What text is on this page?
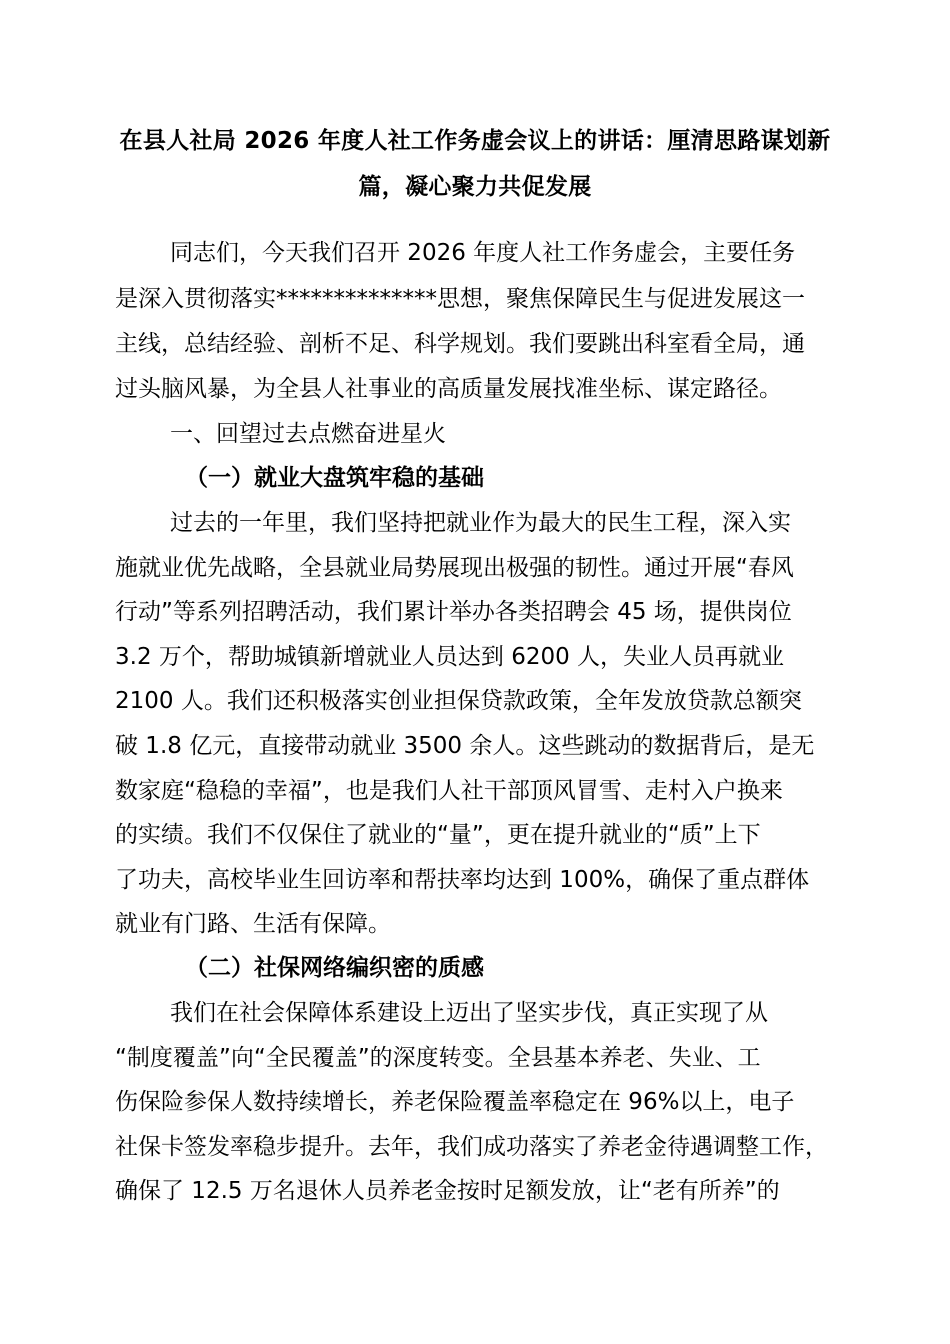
在县人社局 2026 年度人社工作务虚会议上的讲话：厘清思路谋划新
篇，凝心聚力共促发展
同志们，今天我们召开 2026 年度人社工作务虚会，主要任务
是深入贯彻落实**************思想，聚焦保障民生与促进发展这一
主线，总结经验、剖析不足、科学规划。我们要跳出科室看全局，通
过头脑风暴，为全县人社事业的高质量发展找准坐标、谋定路径。
一、回望过去点燃奋进星火
（一）就业大盘筑牢稳的基础
过去的一年里，我们坚持把就业作为最大的民生工程，深入实
施就业优先战略，全县就业局势展现出极强的韧性。通过开展“春风
行动”等系列招聘活动，我们累计举办各类招聘会 45 场，提供岗位
3.2 万个，帮助城镇新增就业人员达到 6200 人，失业人员再就业
2100 人。我们还积极落实创业担保贷款政策，全年发放贷款总额突
破 1.8 亿元，直接带动就业 3500 余人。这些跳动的数据背后，是无
数家庭“稳稳的幸福”，也是我们人社干部顶风冒雪、走村入户换来
的实绩。我们不仅保住了就业的“量”，更在提升就业的“质”上下
了功夫，高校毕业生回访率和帮扶率均达到 100%，确保了重点群体
就业有门路、生活有保障。
（二）社保网络编织密的质感
我们在社会保障体系建设上迈出了坚实步伐，真正实现了从
“制度覆盖”向“全民覆盖”的深度转变。全县基本养老、失业、工
伤保险参保人数持续增长，养老保险覆盖率稳定在 96%以上，电子
社保卡签发率稳步提升。去年，我们成功落实了养老金待遇调整工作，
确保了 12.5 万名退休人员养老金按时足额发放，让“老有所养”的
